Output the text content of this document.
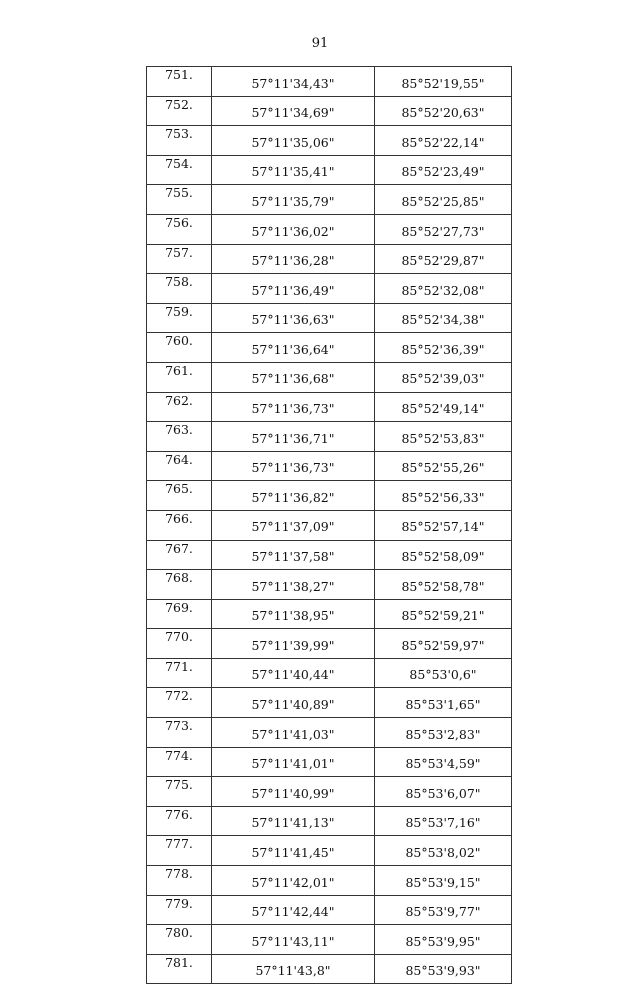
91
751.	57°11'34,43"	85°52'19,55"
752.	57°11'34,69"	85°52'20,63"
753.	57°11'35,06"	85°52'22,14"
754.	57°11'35,41"	85°52'23,49"
755.	57°11'35,79"	85°52'25,85"
756.	57°11'36,02"	85°52'27,73"
757.	57°11'36,28"	85°52'29,87"
758.	57°11'36,49"	85°52'32,08"
759.	57°11'36,63"	85°52'34,38"
760.	57°11'36,64"	85°52'36,39"
761.	57°11'36,68"	85°52'39,03"
762.	57°11'36,73"	85°52'49,14"
763.	57°11'36,71"	85°52'53,83"
764.	57°11'36,73"	85°52'55,26"
765.	57°11'36,82"	85°52'56,33"
766.	57°11'37,09"	85°52'57,14"
767.	57°11'37,58"	85°52'58,09"
768.	57°11'38,27"	85°52'58,78"
769.	57°11'38,95"	85°52'59,21"
770.	57°11'39,99"	85°52'59,97"
771.	57°11'40,44"	85°53'0,6"
772.	57°11'40,89"	85°53'1,65"
773.	57°11'41,03"	85°53'2,83"
774.	57°11'41,01"	85°53'4,59"
775.	57°11'40,99"	85°53'6,07"
776.	57°11'41,13"	85°53'7,16"
777.	57°11'41,45"	85°53'8,02"
778.	57°11'42,01"	85°53'9,15"
779.	57°11'42,44"	85°53'9,77"
780.	57°11'43,11"	85°53'9,95"
781.	57°11'43,8"	85°53'9,93"
